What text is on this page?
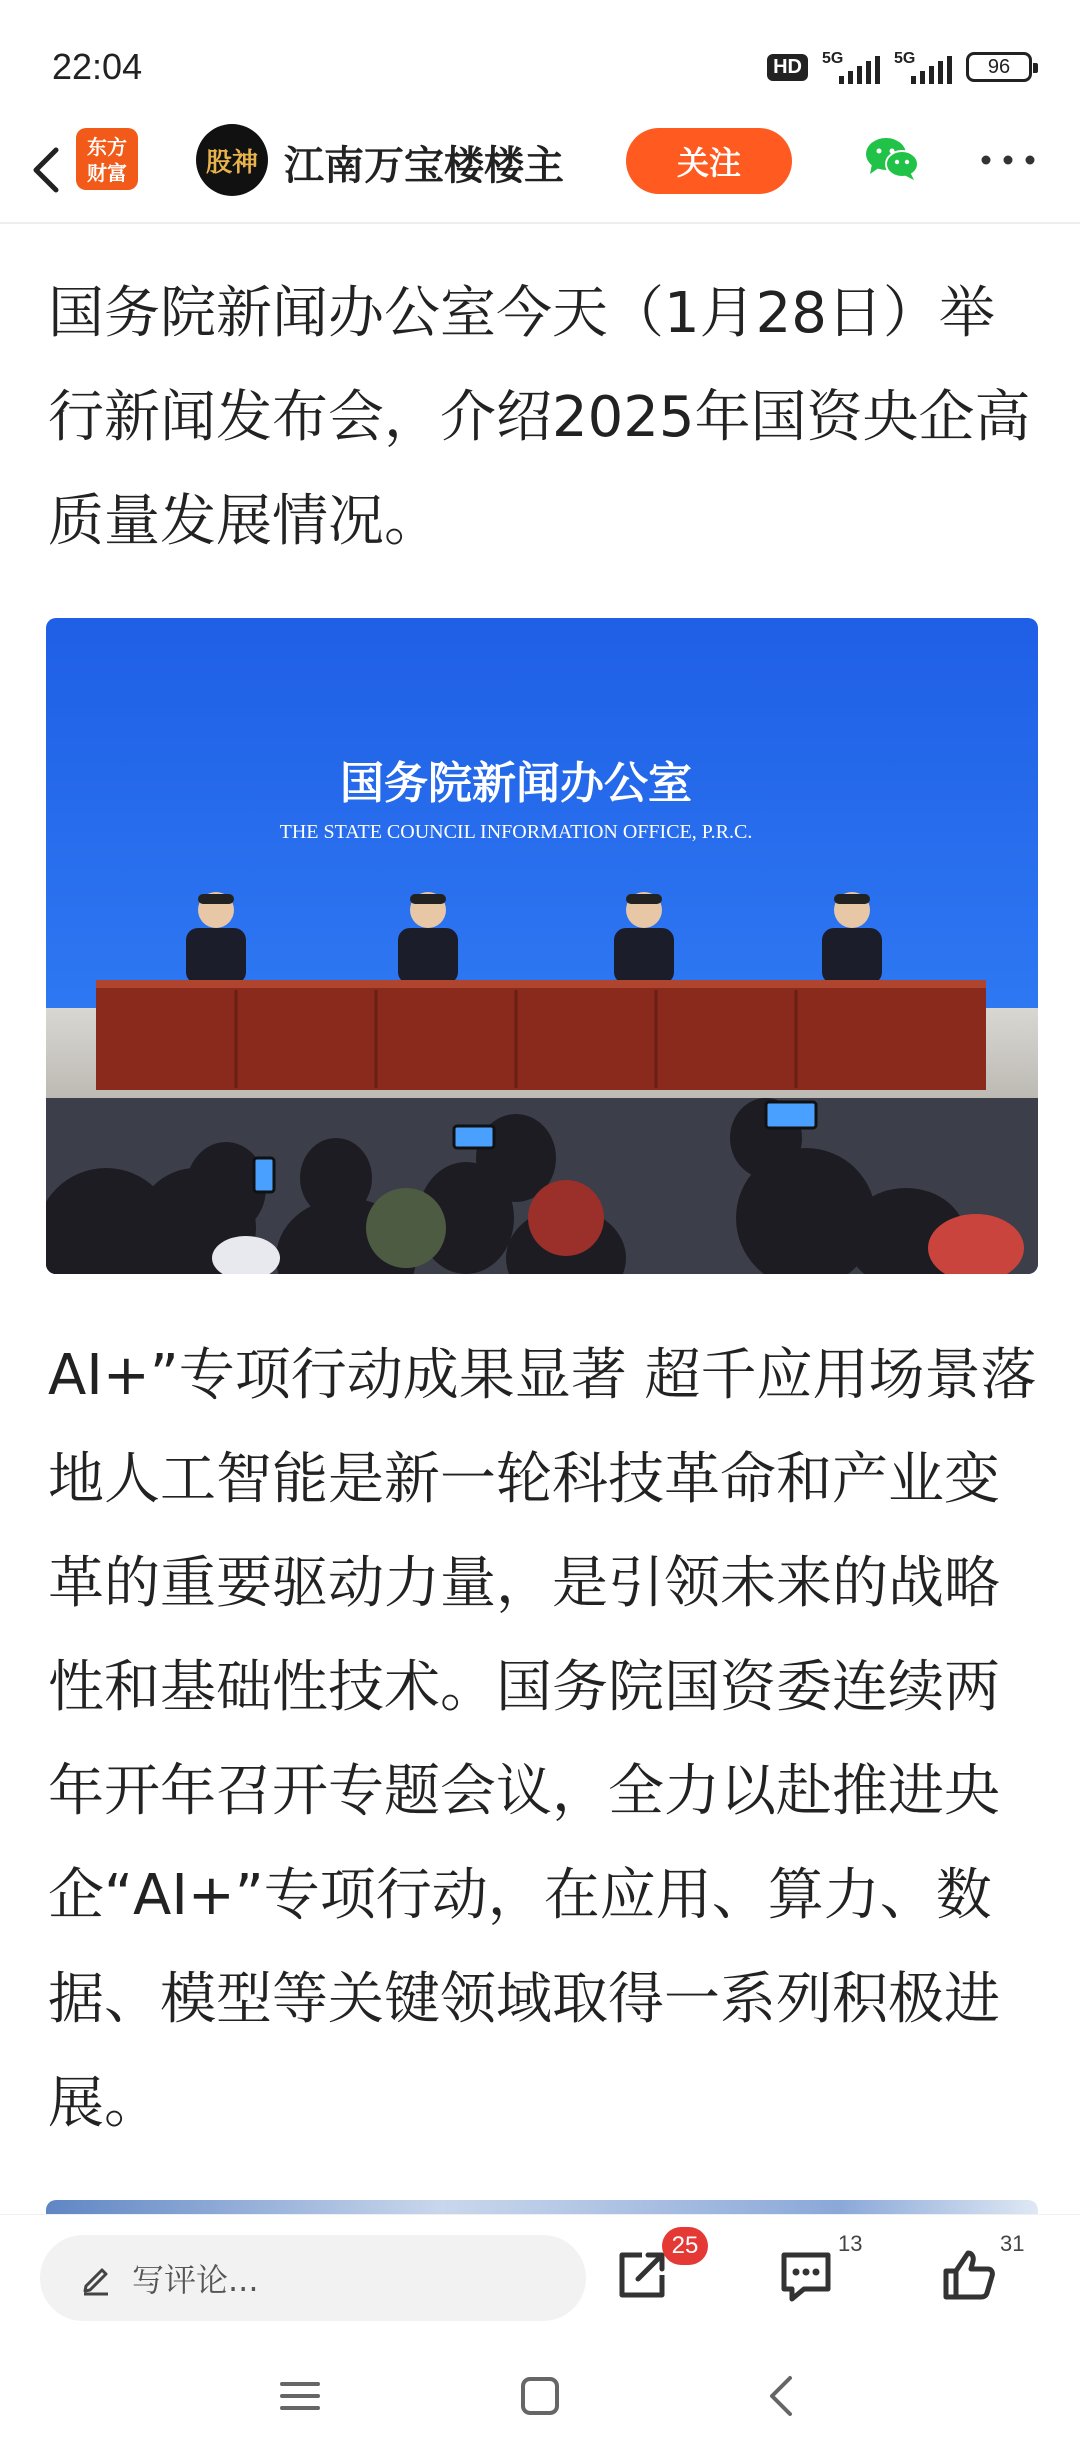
22:04	HD	5G	5G	96
东方
财富	股神 江南万宝楼楼主	关注
国务院新闻办公室今天（1月28日）举行新闻发布会，介绍2025年国资央企高质量发展情况。
国务院新闻办公室
THE STATE COUNCIL INFORMATION OFFICE, P.R.C.
AI+”专项行动成果显著 超千应用场景落地人工智能是新一轮科技革命和产业变革的重要驱动力量，是引领未来的战略性和基础性技术。国务院国资委连续两年开年召开专题会议，全力以赴推进央企“AI+”专项行动，在应用、算力、数据、模型等关键领域取得一系列积极进展。
写评论...
25	13	31
